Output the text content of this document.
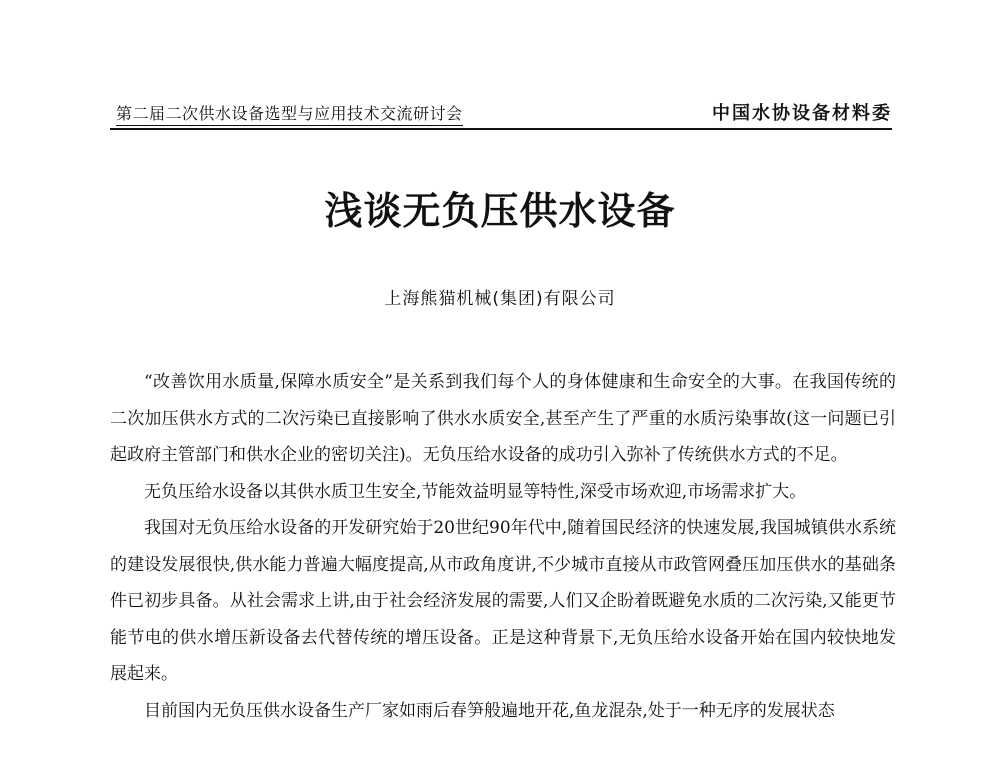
第二届二次供水设备选型与应用技术交流研讨会	中国水协设备材料委
浅谈无负压供水设备
上海熊猫机械(集团)有限公司

“改善饮用水质量,保障水质安全”是关系到我们每个人的身体健康和生命安全的大事。在我国传统的二次加压供水方式的二次污染已直接影响了供水水质安全,甚至产生了严重的水质污染事故(这一问题已引起政府主管部门和供水企业的密切关注)。无负压给水设备的成功引入弥补了传统供水方式的不足。

无负压给水设备以其供水质卫生安全,节能效益明显等特性,深受市场欢迎,市场需求扩大。

我国对无负压给水设备的开发研究始于20世纪90年代中,随着国民经济的快速发展,我国城镇供水系统的建设发展很快,供水能力普遍大幅度提高,从市政角度讲,不少城市直接从市政管网叠压加压供水的基础条件已初步具备。从社会需求上讲,由于社会经济发展的需要,人们又企盼着既避免水质的二次污染,又能更节能节电的供水增压新设备去代替传统的增压设备。正是这种背景下,无负压给水设备开始在国内较快地发展起来。

目前国内无负压供水设备生产厂家如雨后春笋般遍地开花,鱼龙混杂,处于一种无序的发展状态
